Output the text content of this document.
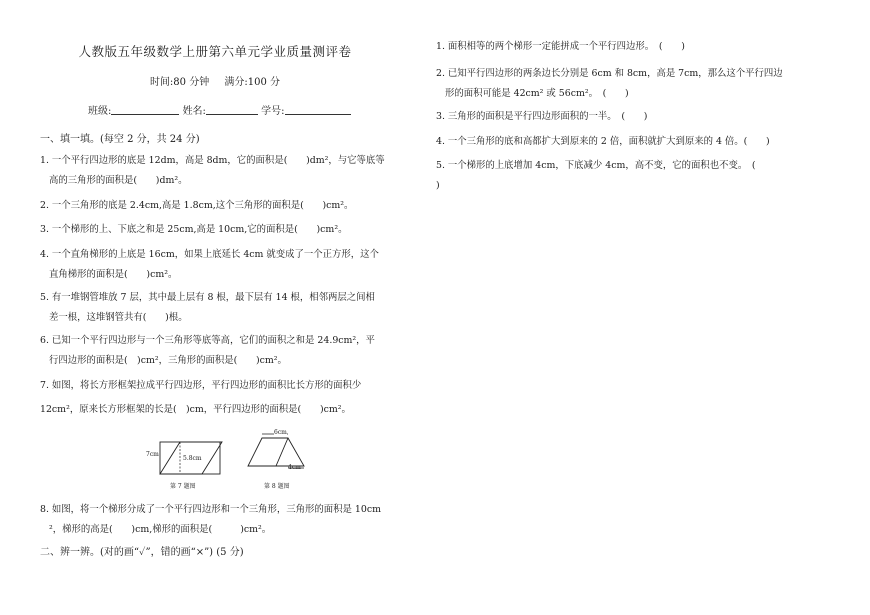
人教版五年级数学上册第六单元学业质量测评卷
时间:80 分钟 满分:100 分
班级:	姓名:	学号:
一、填一填。(每空 2 分，共 24 分)

1. 一个平行四边形的底是 12dm，高是 8dm，它的面积是(　　)dm²，与它等底等

高的三角形的面积是(　　)dm²。

2. 一个三角形的底是 2.4cm,高是 1.8cm,这个三角形的面积是(　　)cm²。

3. 一个梯形的上、下底之和是 25cm,高是 10cm,它的面积是(　　)cm²。

4. 一个直角梯形的上底是 16cm，如果上底延长 4cm 就变成了一个正方形，这个

直角梯形的面积是(　　)cm²。

5. 有一堆钢管堆放 7 层，其中最上层有 8 根，最下层有 14 根，相邻两层之间相

差一根，这堆钢管共有(　　)根。

6. 已知一个平行四边形与一个三角形等底等高，它们的面积之和是 24.9cm²，平

行四边形的面积是(　)cm²，三角形的面积是(　　)cm²。

7. 如图，将长方形框架拉成平行四边形，平行四边形的面积比长方形的面积少

12cm²，原来长方形框架的长是(　)cm，平行四边形的面积是(　　)cm²。

7cm
5.8cm
第 7 题图
6cm
4cm
第 8 题图

8. 如图，将一个梯形分成了一个平行四边形和一个三角形，三角形的面积是 10cm

²，梯形的高是(　　)cm,梯形的面积是(　　　)cm²。

二、辨一辨。(对的画“✓”，错的画“×”) (5 分)

1. 面积相等的两个梯形一定能拼成一个平行四边形。　(　　)

2. 已知平行四边形的两条边长分别是 6cm 和 8cm，高是 7cm，那么这个平行四边

形的面积可能是 42cm² 或 56cm²。　(　　)

3. 三角形的面积是平行四边形面积的一半。　(　　)

4. 一个三角形的底和高都扩大到原来的 2 倍，面积就扩大到原来的 4 倍。(　　)

5. 一个梯形的上底增加 4cm，下底减少 4cm，高不变，它的面积也不变。　(

)
